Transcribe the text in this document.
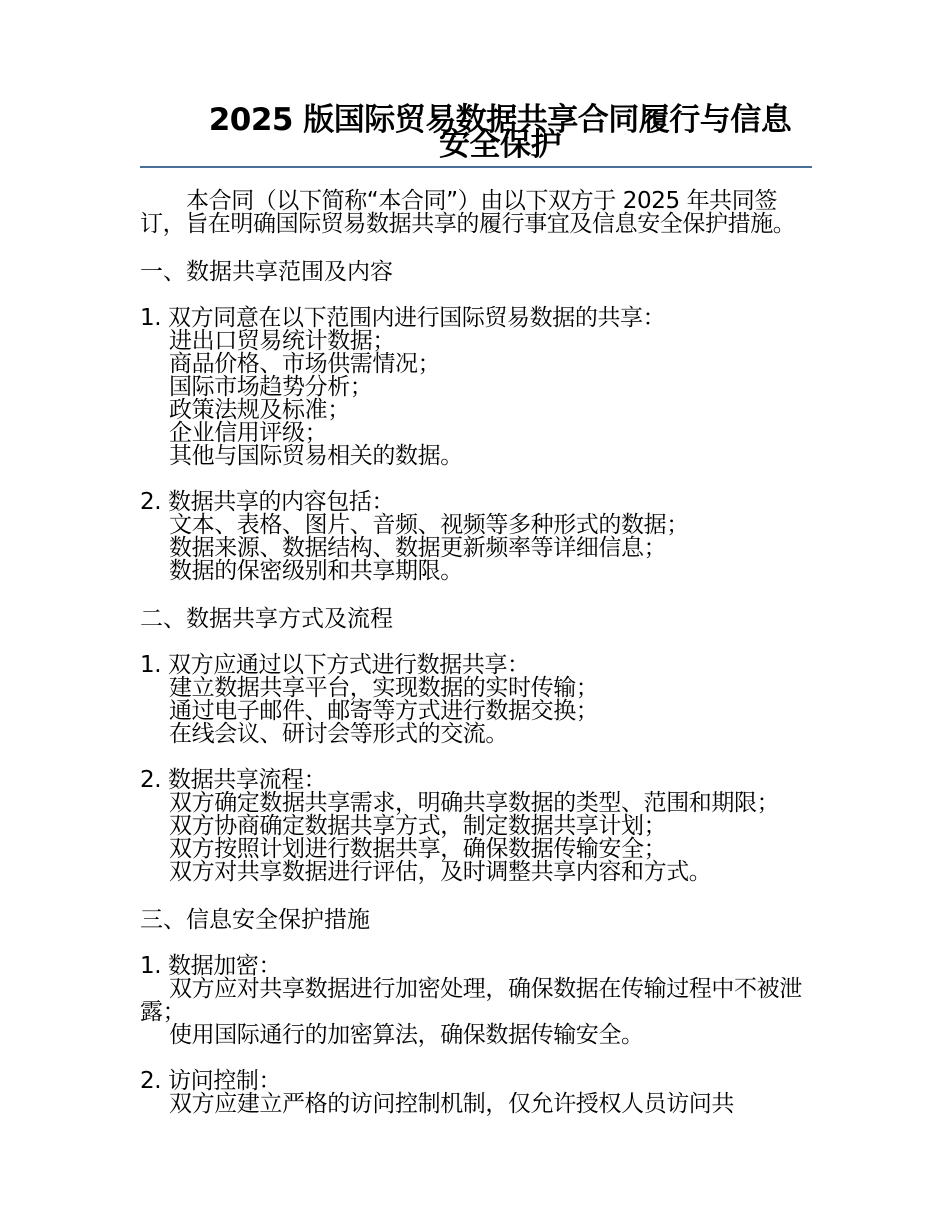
2025 版国际贸易数据共享合同履行与信息安全保护
本合同（以下简称“本合同”）由以下双方于 2025 年共同签订，旨在明确国际贸易数据共享的履行事宜及信息安全保护措施。
一、数据共享范围及内容
1. 双方同意在以下范围内进行国际贸易数据的共享：
进出口贸易统计数据；
商品价格、市场供需情况；
国际市场趋势分析；
政策法规及标准；
企业信用评级；
其他与国际贸易相关的数据。
2. 数据共享的内容包括：
文本、表格、图片、音频、视频等多种形式的数据；
数据来源、数据结构、数据更新频率等详细信息；
数据的保密级别和共享期限。
二、数据共享方式及流程
1. 双方应通过以下方式进行数据共享：
建立数据共享平台，实现数据的实时传输；
通过电子邮件、邮寄等方式进行数据交换；
在线会议、研讨会等形式的交流。
2. 数据共享流程：
双方确定数据共享需求，明确共享数据的类型、范围和期限；
双方协商确定数据共享方式，制定数据共享计划；
双方按照计划进行数据共享，确保数据传输安全；
双方对共享数据进行评估，及时调整共享内容和方式。
三、信息安全保护措施
1. 数据加密：
双方应对共享数据进行加密处理，确保数据在传输过程中不被泄露；
使用国际通行的加密算法，确保数据传输安全。
2. 访问控制：
双方应建立严格的访问控制机制，仅允许授权人员访问共
